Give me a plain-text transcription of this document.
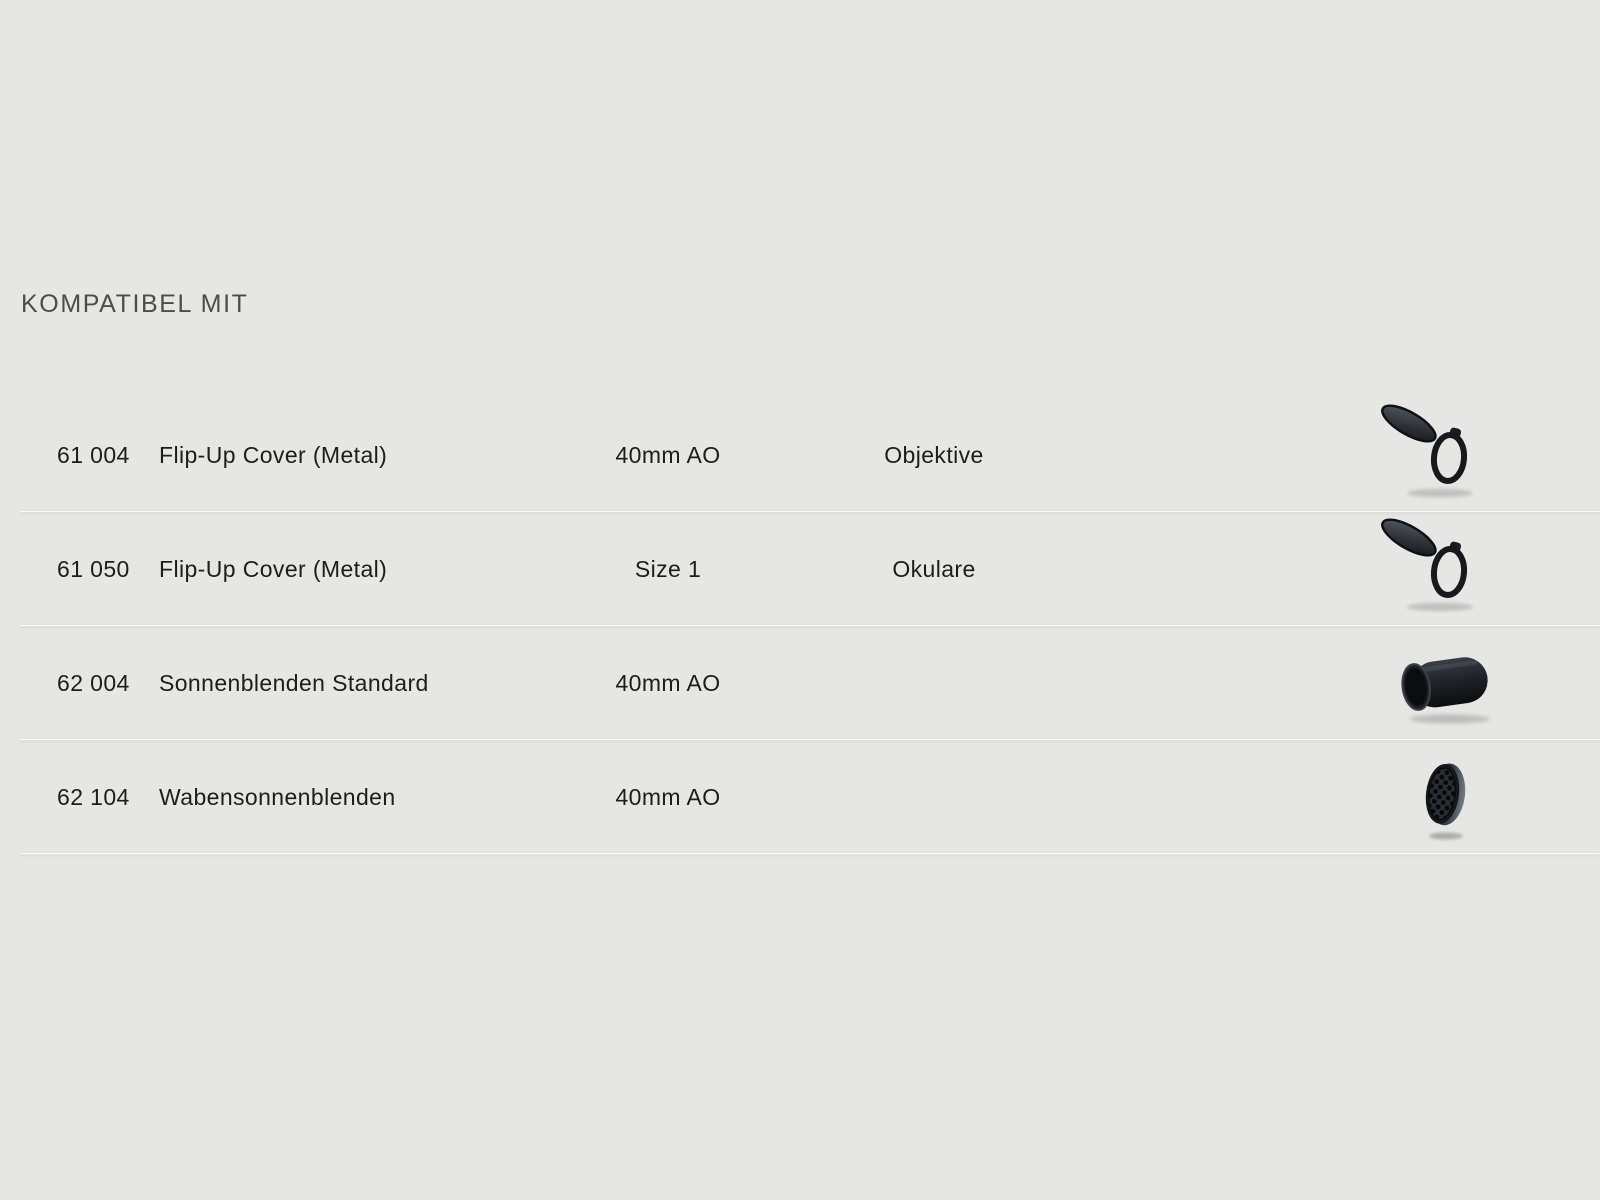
KOMPATIBEL MIT
61 004	Flip-Up Cover (Metal)	40mm AO	Objektive
61 050	Flip-Up Cover (Metal)	Size 1	Okulare
62 004	Sonnenblenden Standard	40mm AO
62 104	Wabensonnenblenden	40mm AO
